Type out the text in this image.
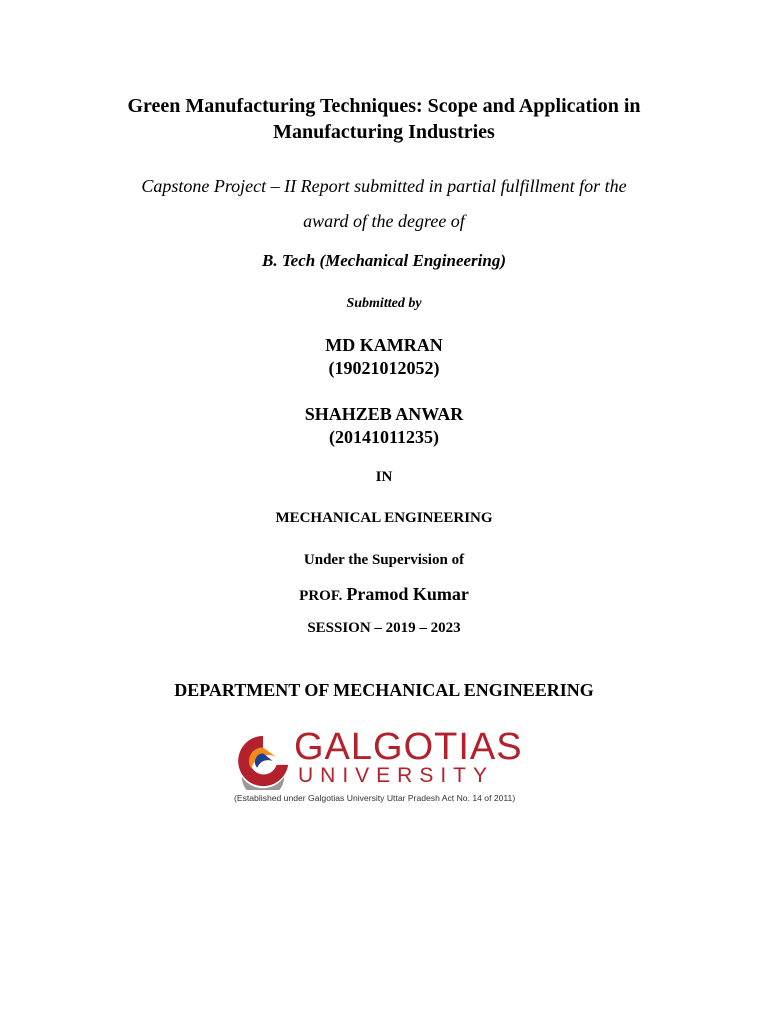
Green Manufacturing Techniques: Scope and Application in
Manufacturing Industries

Capstone Project – II Report submitted in partial fulfillment for the
award of the degree of

B. Tech (Mechanical Engineering)

Submitted by

MD KAMRAN
(19021012052)

SHAHZEB ANWAR
(20141011235)

IN

MECHANICAL ENGINEERING

Under the Supervision of

PROF. Pramod Kumar

SESSION – 2019 – 2023

DEPARTMENT OF MECHANICAL ENGINEERING

GALGOTIAS
UNIVERSITY
(Established under Galgotias University Uttar Pradesh Act No. 14 of 2011)
